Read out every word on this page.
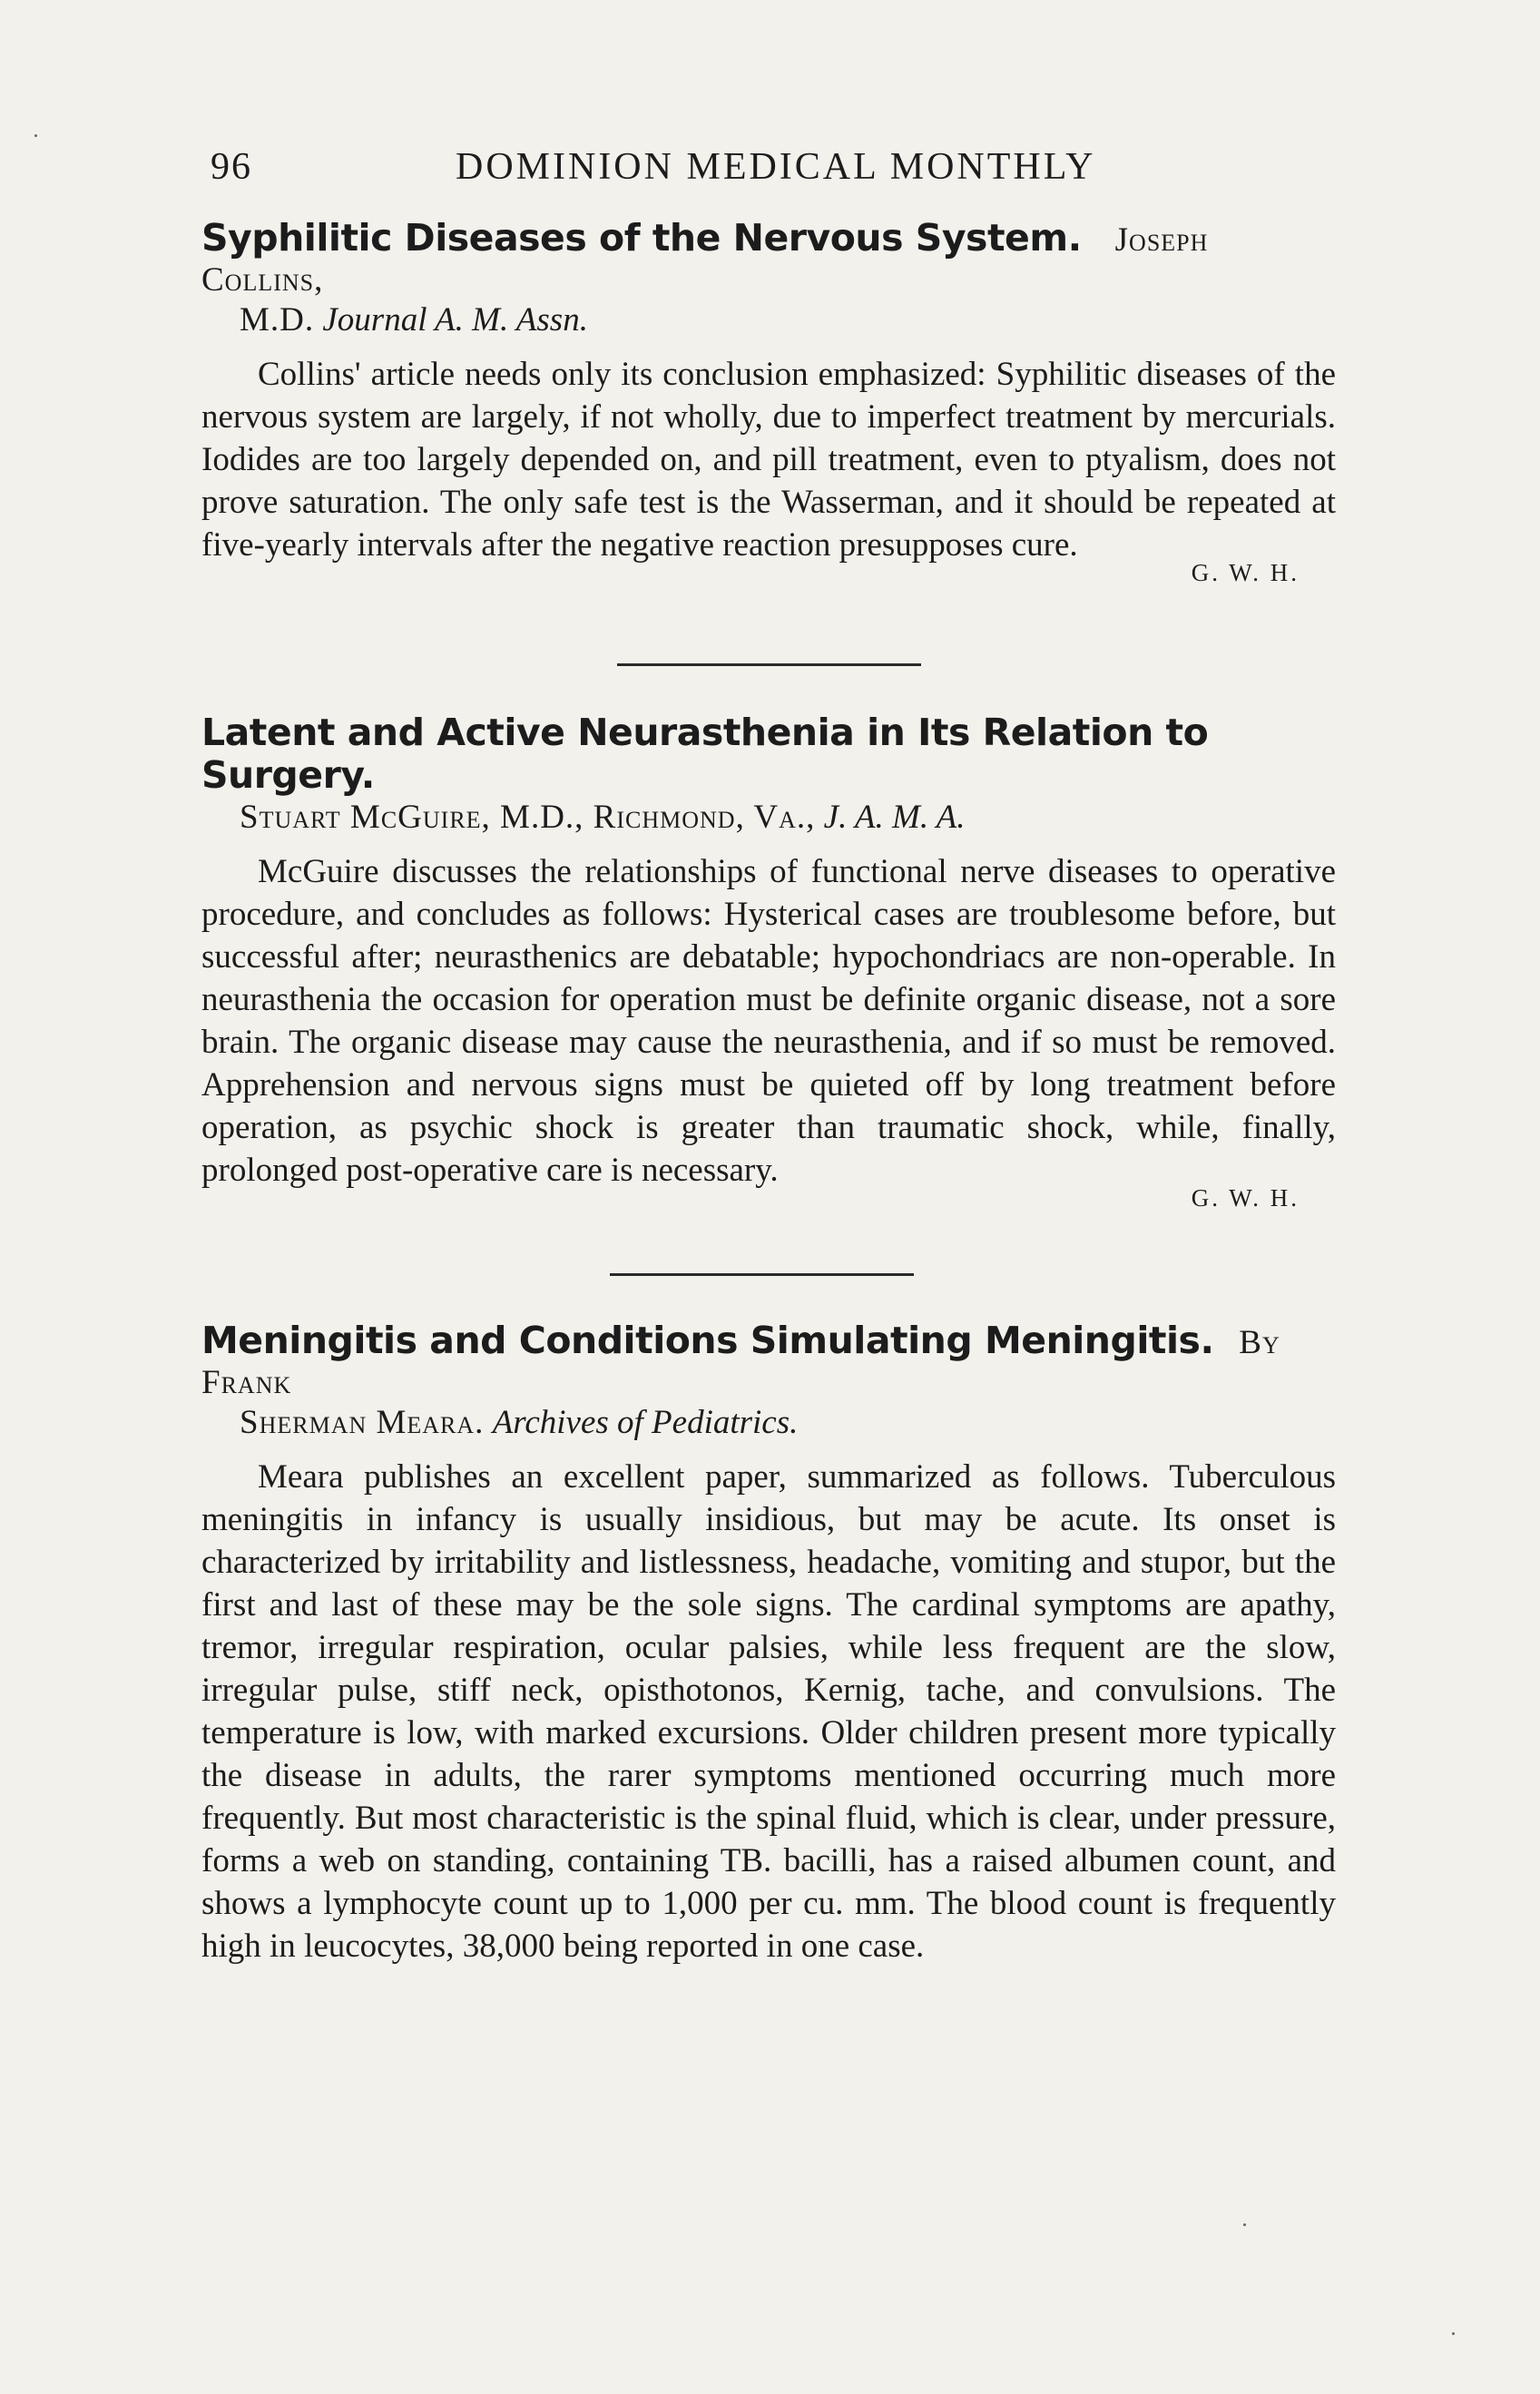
96	DOMINION MEDICAL MONTHLY
Syphilitic Diseases of the Nervous System. Joseph Collins,
M.D. Journal A. M. Assn.

Collins' article needs only its conclusion emphasized: Syphilitic diseases of the nervous system are largely, if not wholly, due to imperfect treatment by mercurials. Iodides are too largely depended on, and pill treatment, even to ptyalism, does not prove saturation. The only safe test is the Wasserman, and it should be repeated at five-yearly intervals after the negative reaction presupposes cure.

G. W. H.
Latent and Active Neurasthenia in Its Relation to Surgery.
Stuart McGuire, M.D., Richmond, Va., J. A. M. A.

McGuire discusses the relationships of functional nerve diseases to operative procedure, and concludes as follows: Hysterical cases are troublesome before, but successful after; neurasthenics are debatable; hypochondriacs are non-operable. In neurasthenia the occasion for operation must be definite organic disease, not a sore brain. The organic disease may cause the neurasthenia, and if so must be removed. Apprehension and nervous signs must be quieted off by long treatment before operation, as psychic shock is greater than traumatic shock, while, finally, prolonged post-operative care is necessary.

G. W. H.
Meningitis and Conditions Simulating Meningitis. By Frank
Sherman Meara. Archives of Pediatrics.

Meara publishes an excellent paper, summarized as follows. Tuberculous meningitis in infancy is usually insidious, but may be acute. Its onset is characterized by irritability and listlessness, headache, vomiting and stupor, but the first and last of these may be the sole signs. The cardinal symptoms are apathy, tremor, irregular respiration, ocular palsies, while less frequent are the slow, irregular pulse, stiff neck, opisthotonos, Kernig, tache, and convulsions. The temperature is low, with marked excursions. Older children present more typically the disease in adults, the rarer symptoms mentioned occurring much more frequently. But most characteristic is the spinal fluid, which is clear, under pressure, forms a web on standing, containing TB. bacilli, has a raised albumen count, and shows a lymphocyte count up to 1,000 per cu. mm. The blood count is frequently high in leucocytes, 38,000 being reported in one case.
